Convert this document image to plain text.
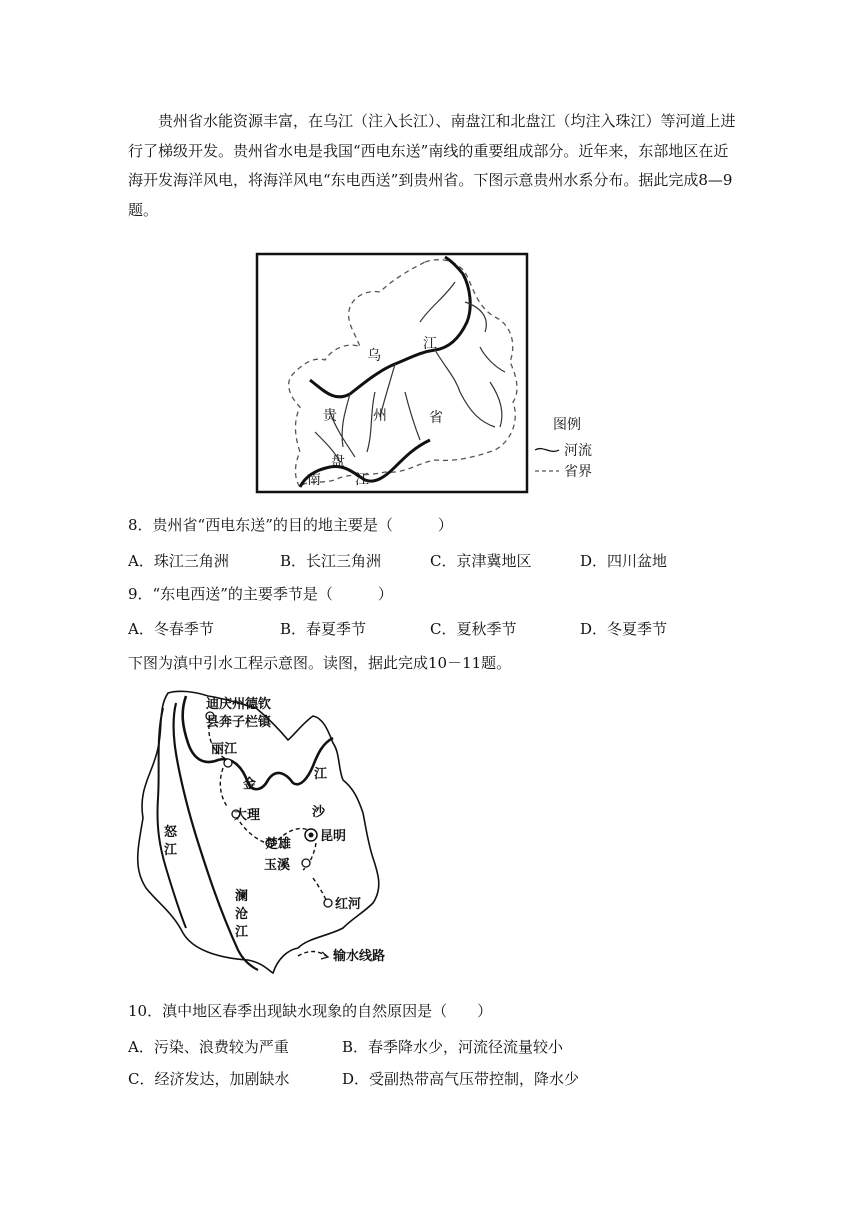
贵州省水能资源丰富，在乌江（注入长江）、南盘江和北盘江（均注入珠江）等河道上进行了梯级开发。贵州省水电是我国“西电东送”南线的重要组成部分。近年来，东部地区在近海开发海洋风电，将海洋风电“东电西送”到贵州省。下图示意贵州水系分布。据此完成8—9题。

乌
江
贵	州	省
南
盘
江
图例
河流
省界
8．贵州省“西电东送”的目的地主要是（　　　）
A．珠江三角洲	B．长江三角洲	C．京津冀地区	D．四川盆地
9．“东电西送”的主要季节是（　　　）
A．冬春季节	B．春夏季节	C．夏秋季节	D．冬夏季节
下图为滇中引水工程示意图。读图，据此完成10－11题。
迪庆州德钦
县奔子栏镇
丽江
金
江
沙
大理
昆明
楚雄
玉溪
红河
怒
江
澜
沧
江
输水线路
10．滇中地区春季出现缺水现象的自然原因是（　　）
A．污染、浪费较为严重	B．春季降水少，河流径流量较小
C．经济发达，加剧缺水	D．受副热带高气压带控制，降水少
